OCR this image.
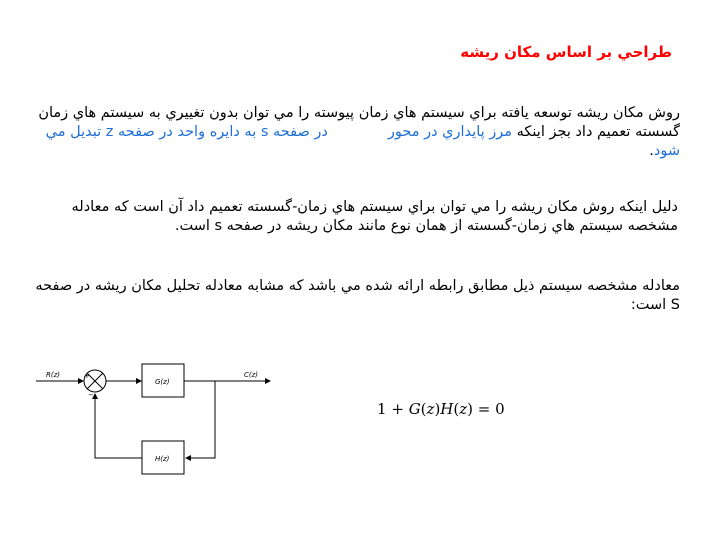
طراحي بر اساس مکان ريشه
روش مکان ريشه توسعه يافته براي سيستم هاي زمان پيوسته را مي توان بدون تغييري به سيستم هاي زمان گسسته تعميم داد بجز اينکه مرز پايداري در محوردر صفحه s به دايره واحد در صفحه z تبديل مي شود.
دليل اينکه روش مکان ريشه را مي توان براي سيستم هاي زمان-گسسته تعميم داد آن است که معادله مشخصه سيستم هاي زمان-گسسته از همان نوع مانند مکان ريشه در صفحه s است.
معادله مشخصه سيستم ذيل مطابق رابطه ارائه شده مي باشد که مشابه معادله تحليل مکان ريشه در صفحه S است:
R(z)	+
−
G(z)
C(z)
H(z)
1 + G(z)H(z) = 0
